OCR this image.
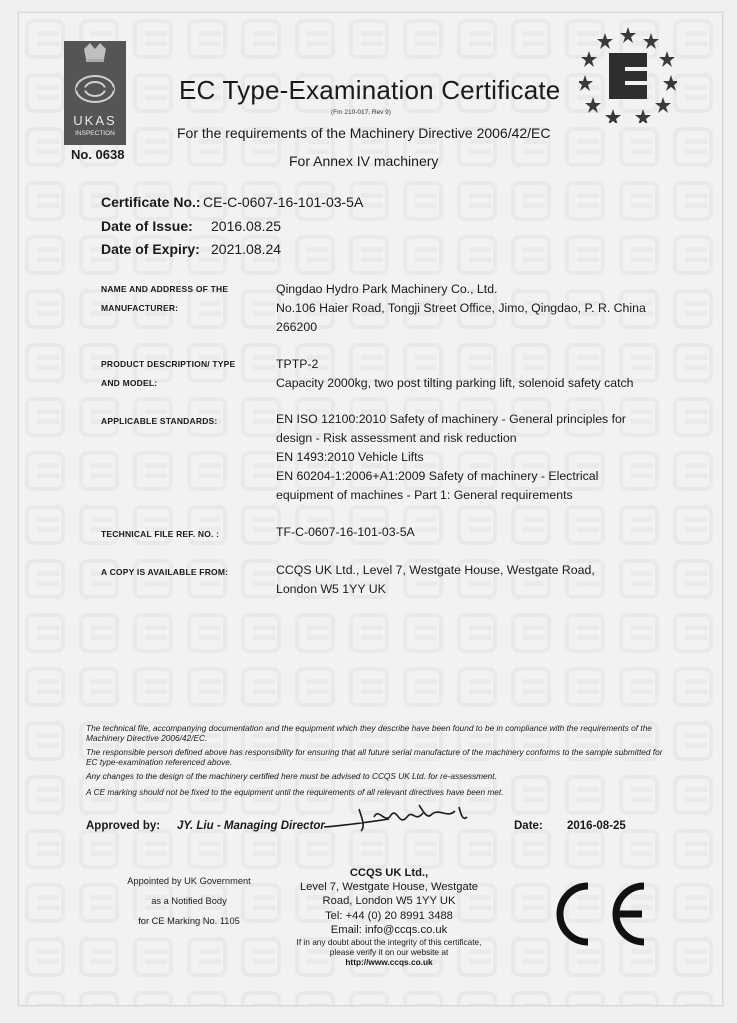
UKAS
INSPECTION
No. 0638
EC Type-Examination Certificate
(Fm 210-017, Rev 9)
For the requirements of the Machinery Directive 2006/42/EC
For Annex IV machinery
Certificate No.: CE-C-0607-16-101-03-5A
Date of Issue: 2016.08.25
Date of Expiry: 2021.08.24
NAME AND ADDRESS OF THE
MANUFACTURER:
Qingdao Hydro Park Machinery Co., Ltd.
No.106 Haier Road, Tongji Street Office, Jimo, Qingdao, P. R. China
266200
PRODUCT DESCRIPTION/ TYPE
AND MODEL:
TPTP-2
Capacity 2000kg, two post tilting parking lift, solenoid safety catch
APPLICABLE STANDARDS:	EN ISO 12100:2010 Safety of machinery - General principles for
design - Risk assessment and risk reduction
EN 1493:2010 Vehicle Lifts
EN 60204-1:2006+A1:2009 Safety of machinery - Electrical
equipment of machines - Part 1: General requirements
TECHNICAL FILE REF. NO. :	TF-C-0607-16-101-03-5A
A COPY IS AVAILABLE FROM:	CCQS UK Ltd., Level 7, Westgate House, Westgate Road,
London W5 1YY UK
The technical file, accompanying documentation and the equipment which they describe have been found to be in compliance with the requirements of the Machinery Directive 2006/42/EC.
The responsible person defined above has responsibility for ensuring that all future serial manufacture of the machinery conforms to the sample submitted for EC type-examination referenced above.
Any changes to the design of the machinery certified here must be advised to CCQS UK Ltd. for re-assessment.
A CE marking should not be fixed to the equipment until the requirements of all relevant directives have been met.
Approved by: JY. Liu - Managing Director	Date: 2016-08-25
Appointed by UK Government
as a Notified Body
for CE Marking No. 1105
CCQS UK Ltd.,
Level 7, Westgate House, Westgate
Road, London W5 1YY UK
Tel: +44 (0) 20 8991 3488
Email: info@ccqs.co.uk
If in any doubt about the integrity of this certificate,
please verify it on our website at
http://www.ccqs.co.uk
